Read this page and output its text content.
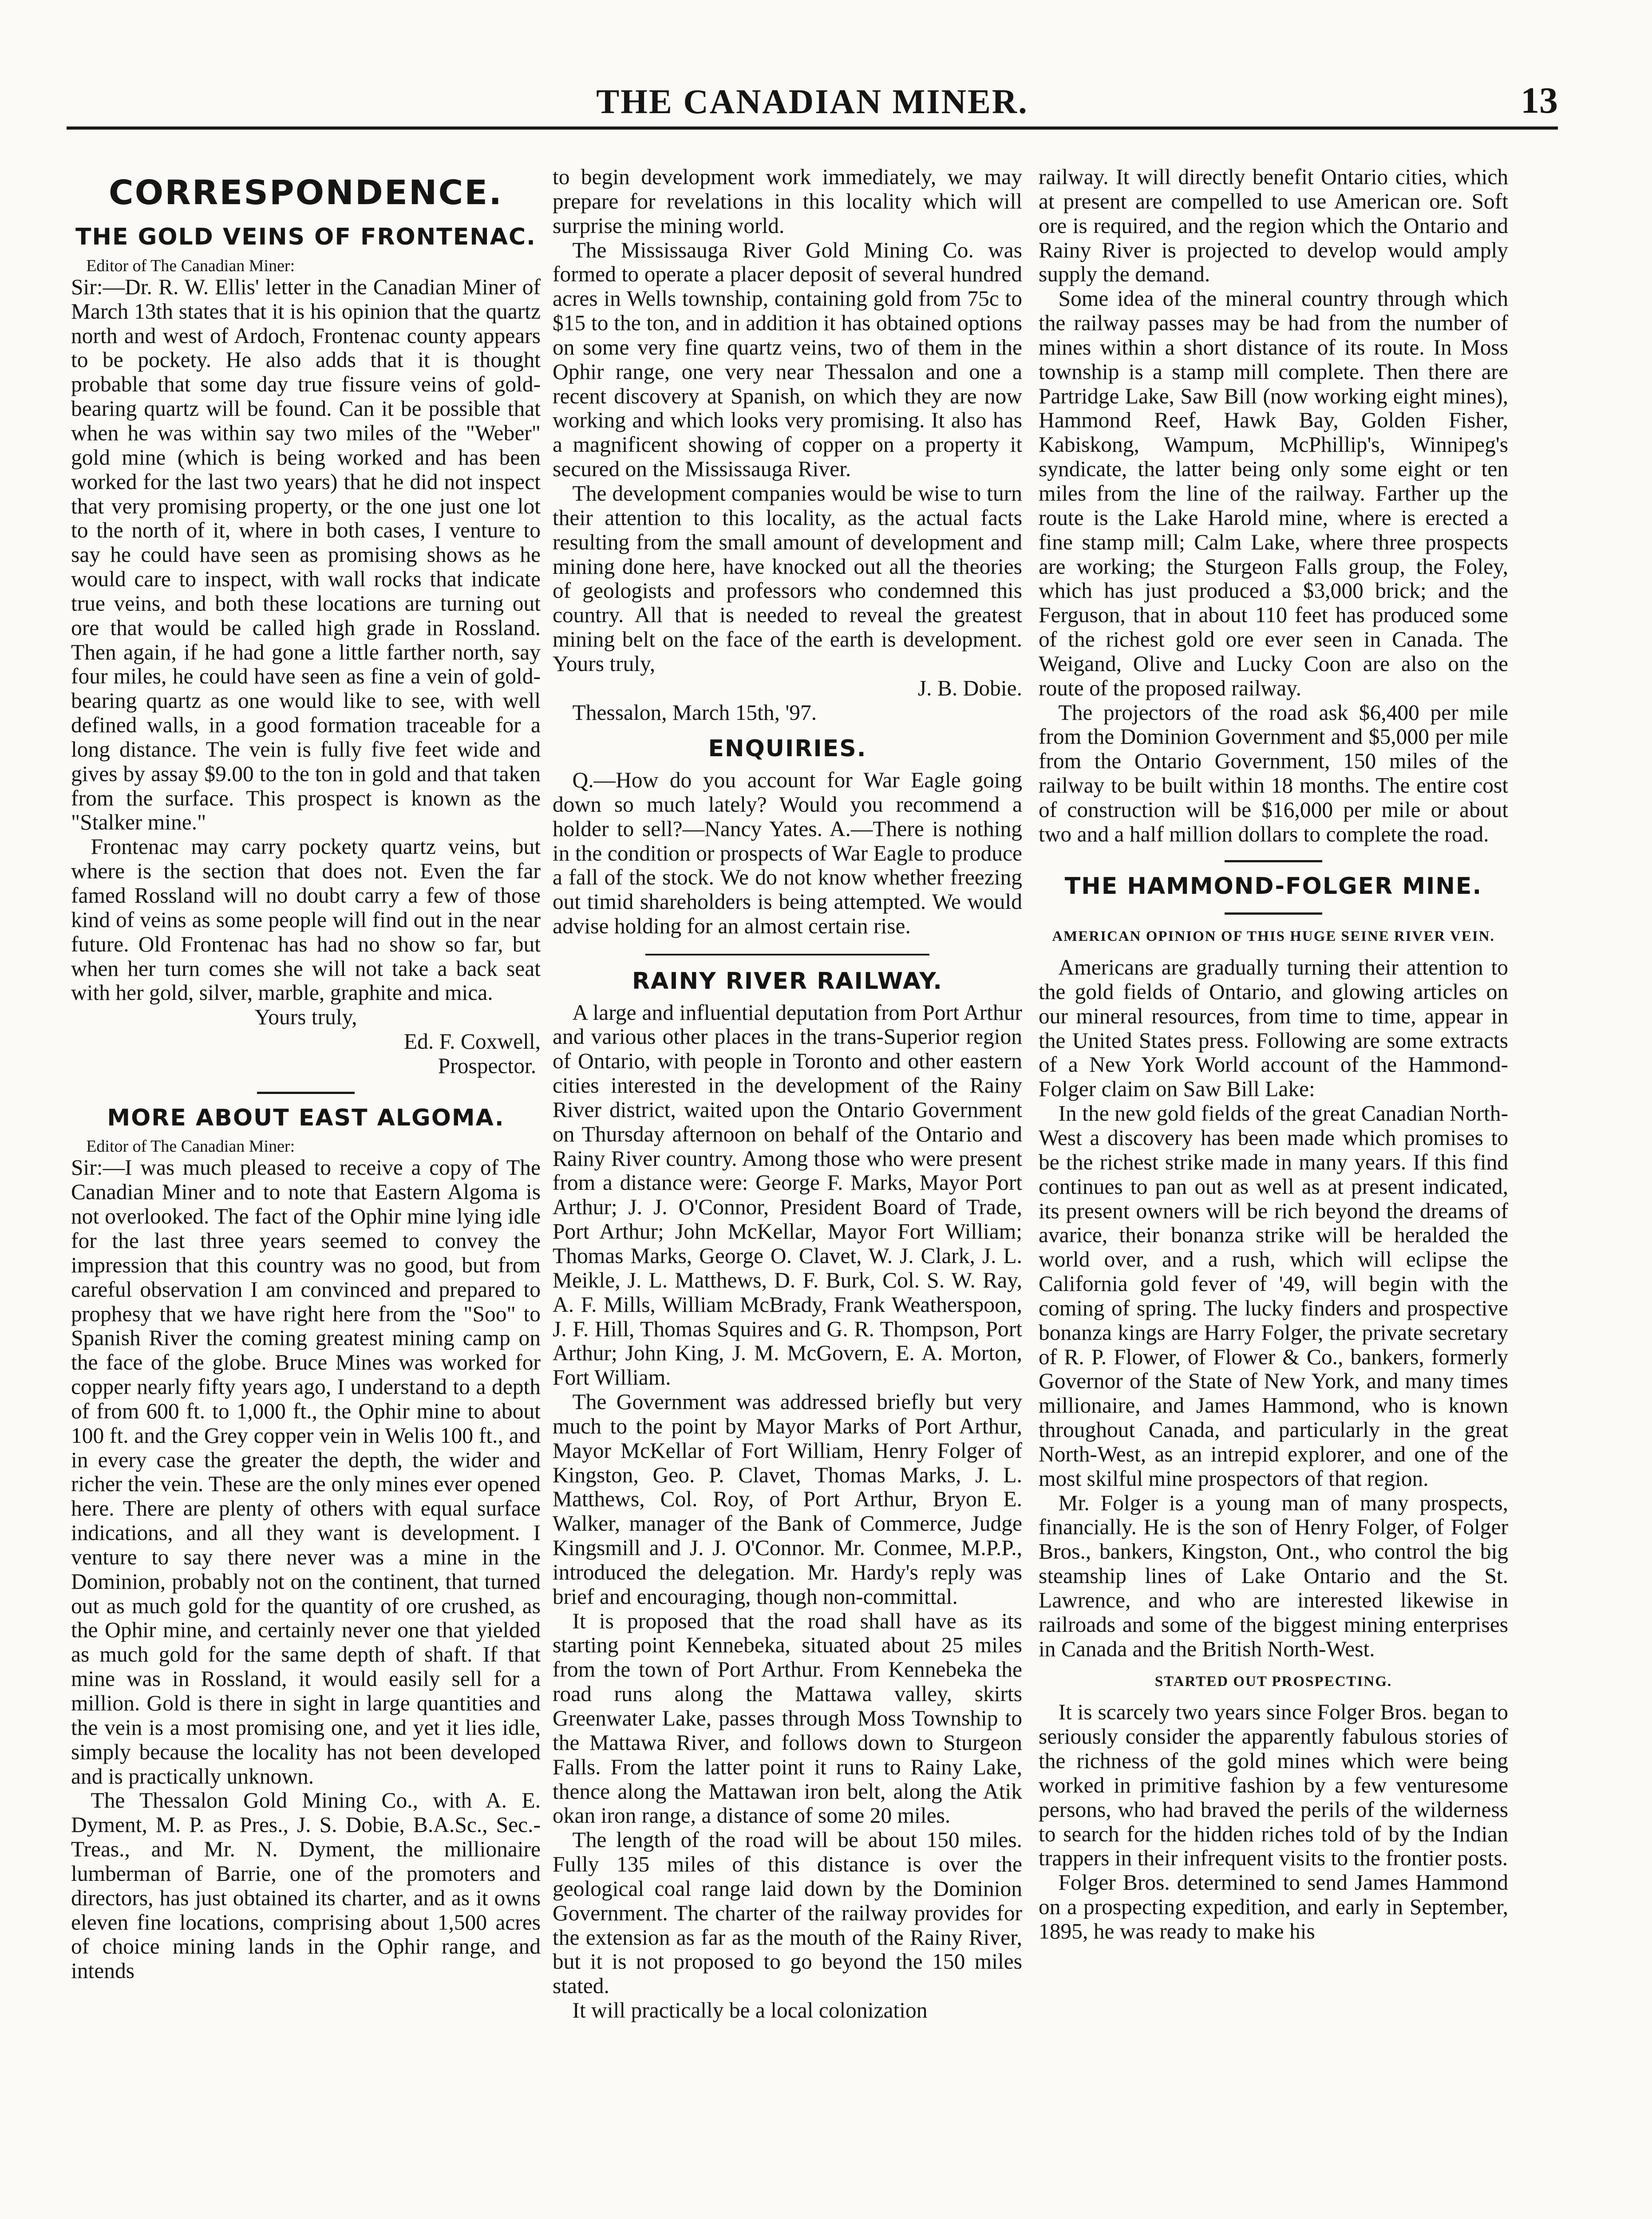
THE CANADIAN MINER.	13
CORRESPONDENCE.
THE GOLD VEINS OF FRONTENAC.

Editor of The Canadian Miner:

Sir:—Dr. R. W. Ellis' letter in the Canadian Miner of March 13th states that it is his opinion that the quartz north and west of Ardoch, Frontenac county appears to be pockety. He also adds that it is thought probable that some day true fissure veins of gold-bearing quartz will be found. Can it be possible that when he was within say two miles of the "Weber" gold mine (which is being worked and has been worked for the last two years) that he did not inspect that very promising property, or the one just one lot to the north of it, where in both cases, I venture to say he could have seen as promising shows as he would care to inspect, with wall rocks that indicate true veins, and both these locations are turning out ore that would be called high grade in Rossland. Then again, if he had gone a little farther north, say four miles, he could have seen as fine a vein of gold-bearing quartz as one would like to see, with well defined walls, in a good formation traceable for a long distance. The vein is fully five feet wide and gives by assay $9.00 to the ton in gold and that taken from the surface. This prospect is known as the "Stalker mine."

Frontenac may carry pockety quartz veins, but where is the section that does not. Even the far famed Rossland will no doubt carry a few of those kind of veins as some people will find out in the near future. Old Frontenac has had no show so far, but when her turn comes she will not take a back seat with her gold, silver, marble, graphite and mica.

Yours truly,

Ed. F. Coxwell,

Prospector.

MORE ABOUT EAST ALGOMA.

Editor of The Canadian Miner:

Sir:—I was much pleased to receive a copy of The Canadian Miner and to note that Eastern Algoma is not overlooked. The fact of the Ophir mine lying idle for the last three years seemed to convey the impression that this country was no good, but from careful observation I am convinced and prepared to prophesy that we have right here from the "Soo" to Spanish River the coming greatest mining camp on the face of the globe. Bruce Mines was worked for copper nearly fifty years ago, I understand to a depth of from 600 ft. to 1,000 ft., the Ophir mine to about 100 ft. and the Grey copper vein in Welis 100 ft., and in every case the greater the depth, the wider and richer the vein. These are the only mines ever opened here. There are plenty of others with equal surface indications, and all they want is development. I venture to say there never was a mine in the Dominion, probably not on the continent, that turned out as much gold for the quantity of ore crushed, as the Ophir mine, and certainly never one that yielded as much gold for the same depth of shaft. If that mine was in Rossland, it would easily sell for a million. Gold is there in sight in large quantities and the vein is a most promising one, and yet it lies idle, simply because the locality has not been developed and is practically unknown.

The Thessalon Gold Mining Co., with A. E. Dyment, M. P. as Pres., J. S. Dobie, B.A.Sc., Sec.-Treas., and Mr. N. Dyment, the millionaire lumberman of Barrie, one of the promoters and directors, has just obtained its charter, and as it owns eleven fine locations, comprising about 1,500 acres of choice mining lands in the Ophir range, and intends

to begin development work immediately, we may prepare for revelations in this locality which will surprise the mining world.

The Mississauga River Gold Mining Co. was formed to operate a placer deposit of several hundred acres in Wells township, containing gold from 75c to $15 to the ton, and in addition it has obtained options on some very fine quartz veins, two of them in the Ophir range, one very near Thessalon and one a recent discovery at Spanish, on which they are now working and which looks very promising. It also has a magnificent showing of copper on a property it secured on the Mississauga River.

The development companies would be wise to turn their attention to this locality, as the actual facts resulting from the small amount of development and mining done here, have knocked out all the theories of geologists and professors who condemned this country. All that is needed to reveal the greatest mining belt on the face of the earth is development. Yours truly,

J. B. Dobie.

Thessalon, March 15th, '97.

ENQUIRIES.

Q.—How do you account for War Eagle going down so much lately? Would you recommend a holder to sell?—Nancy Yates. A.—There is nothing in the condition or prospects of War Eagle to produce a fall of the stock. We do not know whether freezing out timid shareholders is being attempted. We would advise holding for an almost certain rise.

RAINY RIVER RAILWAY.

A large and influential deputation from Port Arthur and various other places in the trans-Superior region of Ontario, with people in Toronto and other eastern cities interested in the development of the Rainy River district, waited upon the Ontario Government on Thursday afternoon on behalf of the Ontario and Rainy River country. Among those who were present from a distance were: George F. Marks, Mayor Port Arthur; J. J. O'Connor, President Board of Trade, Port Arthur; John McKellar, Mayor Fort William; Thomas Marks, George O. Clavet, W. J. Clark, J. L. Meikle, J. L. Matthews, D. F. Burk, Col. S. W. Ray, A. F. Mills, William McBrady, Frank Weatherspoon, J. F. Hill, Thomas Squires and G. R. Thompson, Port Arthur; John King, J. M. McGovern, E. A. Morton, Fort William.

The Government was addressed briefly but very much to the point by Mayor Marks of Port Arthur, Mayor McKellar of Fort William, Henry Folger of Kingston, Geo. P. Clavet, Thomas Marks, J. L. Matthews, Col. Roy, of Port Arthur, Bryon E. Walker, manager of the Bank of Commerce, Judge Kingsmill and J. J. O'Connor. Mr. Conmee, M.P.P., introduced the delegation. Mr. Hardy's reply was brief and encouraging, though non-committal.

It is proposed that the road shall have as its starting point Kennebeka, situated about 25 miles from the town of Port Arthur. From Kennebeka the road runs along the Mattawa valley, skirts Greenwater Lake, passes through Moss Township to the Mattawa River, and follows down to Sturgeon Falls. From the latter point it runs to Rainy Lake, thence along the Mattawan iron belt, along the Atik okan iron range, a distance of some 20 miles.

The length of the road will be about 150 miles. Fully 135 miles of this distance is over the geological coal range laid down by the Dominion Government. The charter of the railway provides for the extension as far as the mouth of the Rainy River, but it is not proposed to go beyond the 150 miles stated.

It will practically be a local colonization

railway. It will directly benefit Ontario cities, which at present are compelled to use American ore. Soft ore is required, and the region which the Ontario and Rainy River is projected to develop would amply supply the demand.

Some idea of the mineral country through which the railway passes may be had from the number of mines within a short distance of its route. In Moss township is a stamp mill complete. Then there are Partridge Lake, Saw Bill (now working eight mines), Hammond Reef, Hawk Bay, Golden Fisher, Kabiskong, Wampum, McPhillip's, Winnipeg's syndicate, the latter being only some eight or ten miles from the line of the railway. Farther up the route is the Lake Harold mine, where is erected a fine stamp mill; Calm Lake, where three prospects are working; the Sturgeon Falls group, the Foley, which has just produced a $3,000 brick; and the Ferguson, that in about 110 feet has produced some of the richest gold ore ever seen in Canada. The Weigand, Olive and Lucky Coon are also on the route of the proposed railway.

The projectors of the road ask $6,400 per mile from the Dominion Government and $5,000 per mile from the Ontario Government, 150 miles of the railway to be built within 18 months. The entire cost of construction will be $16,000 per mile or about two and a half million dollars to complete the road.

THE HAMMOND-FOLGER MINE.
AMERICAN OPINION OF THIS HUGE SEINE RIVER VEIN.

Americans are gradually turning their attention to the gold fields of Ontario, and glowing articles on our mineral resources, from time to time, appear in the United States press. Following are some extracts of a New York World account of the Hammond-Folger claim on Saw Bill Lake:

In the new gold fields of the great Canadian North-West a discovery has been made which promises to be the richest strike made in many years. If this find continues to pan out as well as at present indicated, its present owners will be rich beyond the dreams of avarice, their bonanza strike will be heralded the world over, and a rush, which will eclipse the California gold fever of '49, will begin with the coming of spring. The lucky finders and prospective bonanza kings are Harry Folger, the private secretary of R. P. Flower, of Flower & Co., bankers, formerly Governor of the State of New York, and many times millionaire, and James Hammond, who is known throughout Canada, and particularly in the great North-West, as an intrepid explorer, and one of the most skilful mine prospectors of that region.

Mr. Folger is a young man of many prospects, financially. He is the son of Henry Folger, of Folger Bros., bankers, Kingston, Ont., who control the big steamship lines of Lake Ontario and the St. Lawrence, and who are interested likewise in railroads and some of the biggest mining enterprises in Canada and the British North-West.

STARTED OUT PROSPECTING.

It is scarcely two years since Folger Bros. began to seriously consider the apparently fabulous stories of the richness of the gold mines which were being worked in primitive fashion by a few venturesome persons, who had braved the perils of the wilderness to search for the hidden riches told of by the Indian trappers in their infrequent visits to the frontier posts.

Folger Bros. determined to send James Hammond on a prospecting expedition, and early in September, 1895, he was ready to make his
